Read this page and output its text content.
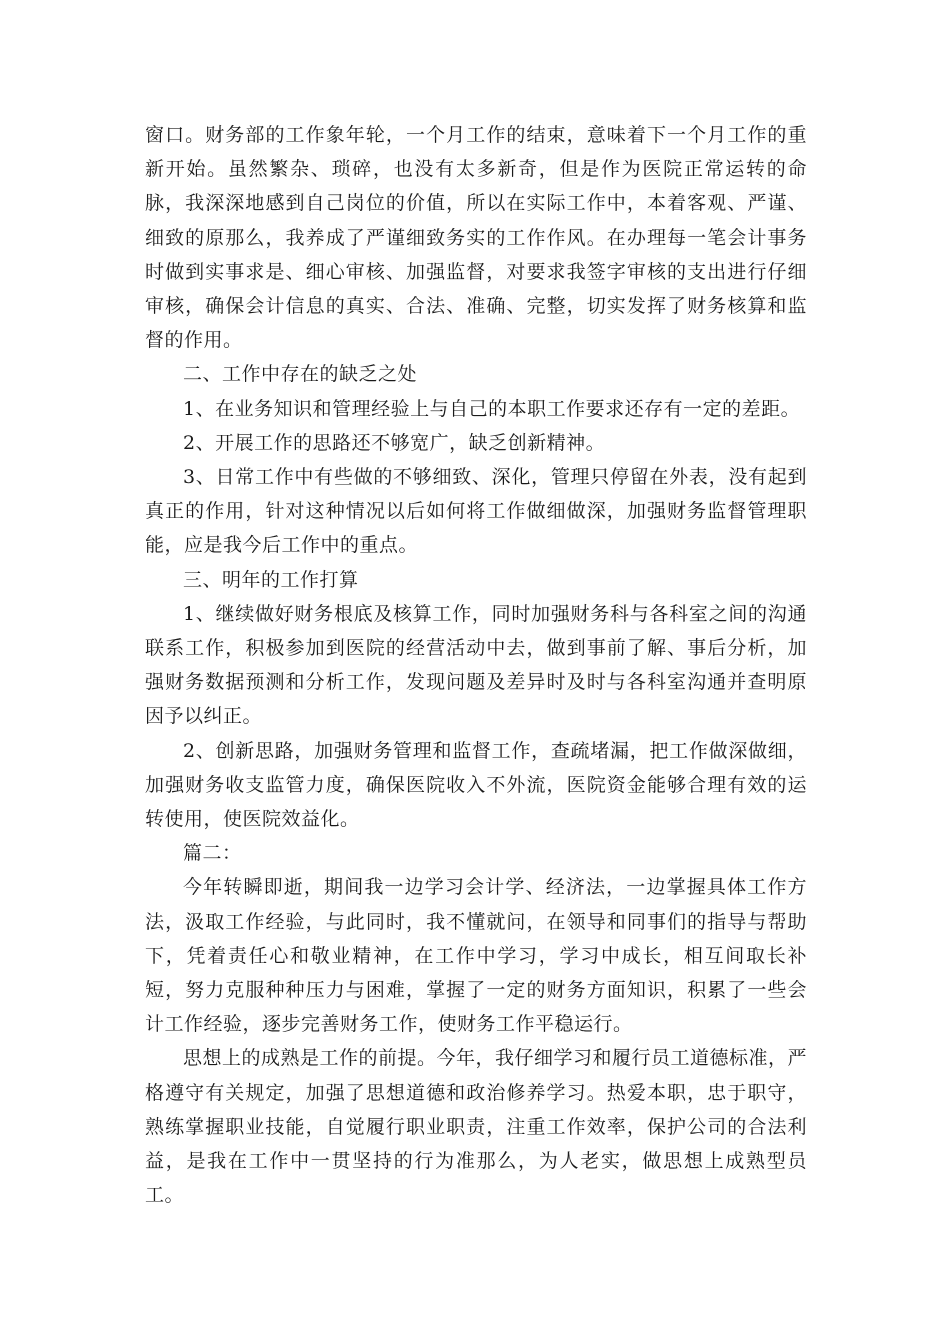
窗口。财务部的工作象年轮，一个月工作的结束，意味着下一个月工作的重新开始。虽然繁杂、琐碎，也没有太多新奇，但是作为医院正常运转的命脉，我深深地感到自己岗位的价值，所以在实际工作中，本着客观、严谨、细致的原那么，我养成了严谨细致务实的工作作风。在办理每一笔会计事务时做到实事求是、细心审核、加强监督，对要求我签字审核的支出进行仔细审核，确保会计信息的真实、合法、准确、完整，切实发挥了财务核算和监督的作用。

二、工作中存在的缺乏之处

1、在业务知识和管理经验上与自己的本职工作要求还存有一定的差距。

2、开展工作的思路还不够宽广，缺乏创新精神。

3、日常工作中有些做的不够细致、深化，管理只停留在外表，没有起到真正的作用，针对这种情况以后如何将工作做细做深，加强财务监督管理职能，应是我今后工作中的重点。

三、明年的工作打算

1、继续做好财务根底及核算工作，同时加强财务科与各科室之间的沟通联系工作，积极参加到医院的经营活动中去，做到事前了解、事后分析，加强财务数据预测和分析工作，发现问题及差异时及时与各科室沟通并查明原因予以纠正。

2、创新思路，加强财务管理和监督工作，查疏堵漏，把工作做深做细，加强财务收支监管力度，确保医院收入不外流，医院资金能够合理有效的运转使用，使医院效益化。

篇二：

今年转瞬即逝，期间我一边学习会计学、经济法，一边掌握具体工作方法，汲取工作经验，与此同时，我不懂就问，在领导和同事们的指导与帮助下，凭着责任心和敬业精神，在工作中学习，学习中成长，相互间取长补短，努力克服种种压力与困难，掌握了一定的财务方面知识，积累了一些会计工作经验，逐步完善财务工作，使财务工作平稳运行。

思想上的成熟是工作的前提。今年，我仔细学习和履行员工道德标准，严格遵守有关规定，加强了思想道德和政治修养学习。热爱本职，忠于职守，熟练掌握职业技能，自觉履行职业职责，注重工作效率，保护公司的合法利益，是我在工作中一贯坚持的行为准那么，为人老实，做思想上成熟型员工。
